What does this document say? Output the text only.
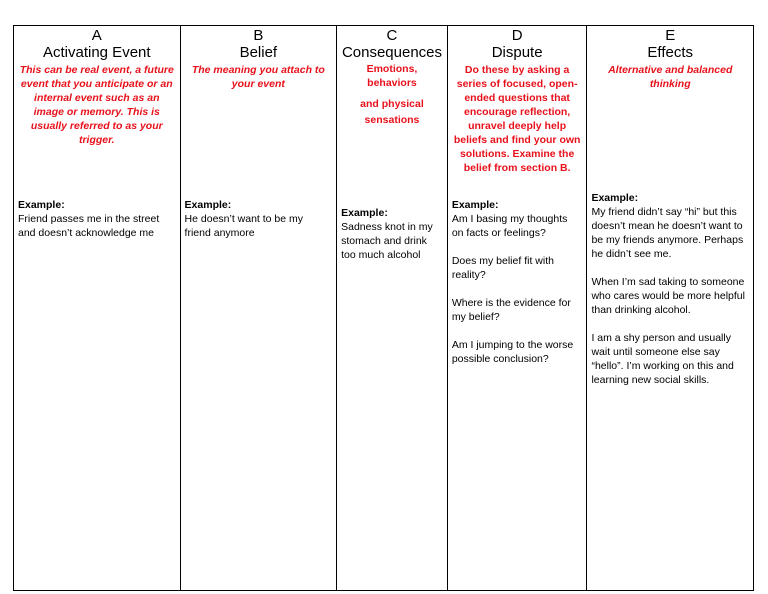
A
Activating Event
This can be real event, a future event that you anticipate or an internal event such as an image or memory. This is usually referred to as your trigger.
Example:

Friend passes me in the street and doesn’t acknowledge me

B
Belief
The meaning you attach to your event
Example:

He doesn’t want to be my friend anymore

C
Consequences
Emotions, behaviors
and physical sensations
Example:

Sadness knot in my stomach and drink too much alcohol

D
Dispute
Do these by asking a series of focused, open-ended questions that encourage reflection, unravel deeply help beliefs and find your own solutions. Examine the belief from section B.
Example:

Am I basing my thoughts on facts or feelings?

Does my belief fit with reality?

Where is the evidence for my belief?

Am I jumping to the worse possible conclusion?

E
Effects
Alternative and balanced thinking
Example:

My friend didn’t say “hi” but this doesn’t mean he doesn’t want to be my friends anymore. Perhaps he didn’t see me.

When I’m sad taking to someone who cares would be more helpful than drinking alcohol.

I am a shy person and usually wait until someone else say “hello”. I’m working on this and learning new social skills.
